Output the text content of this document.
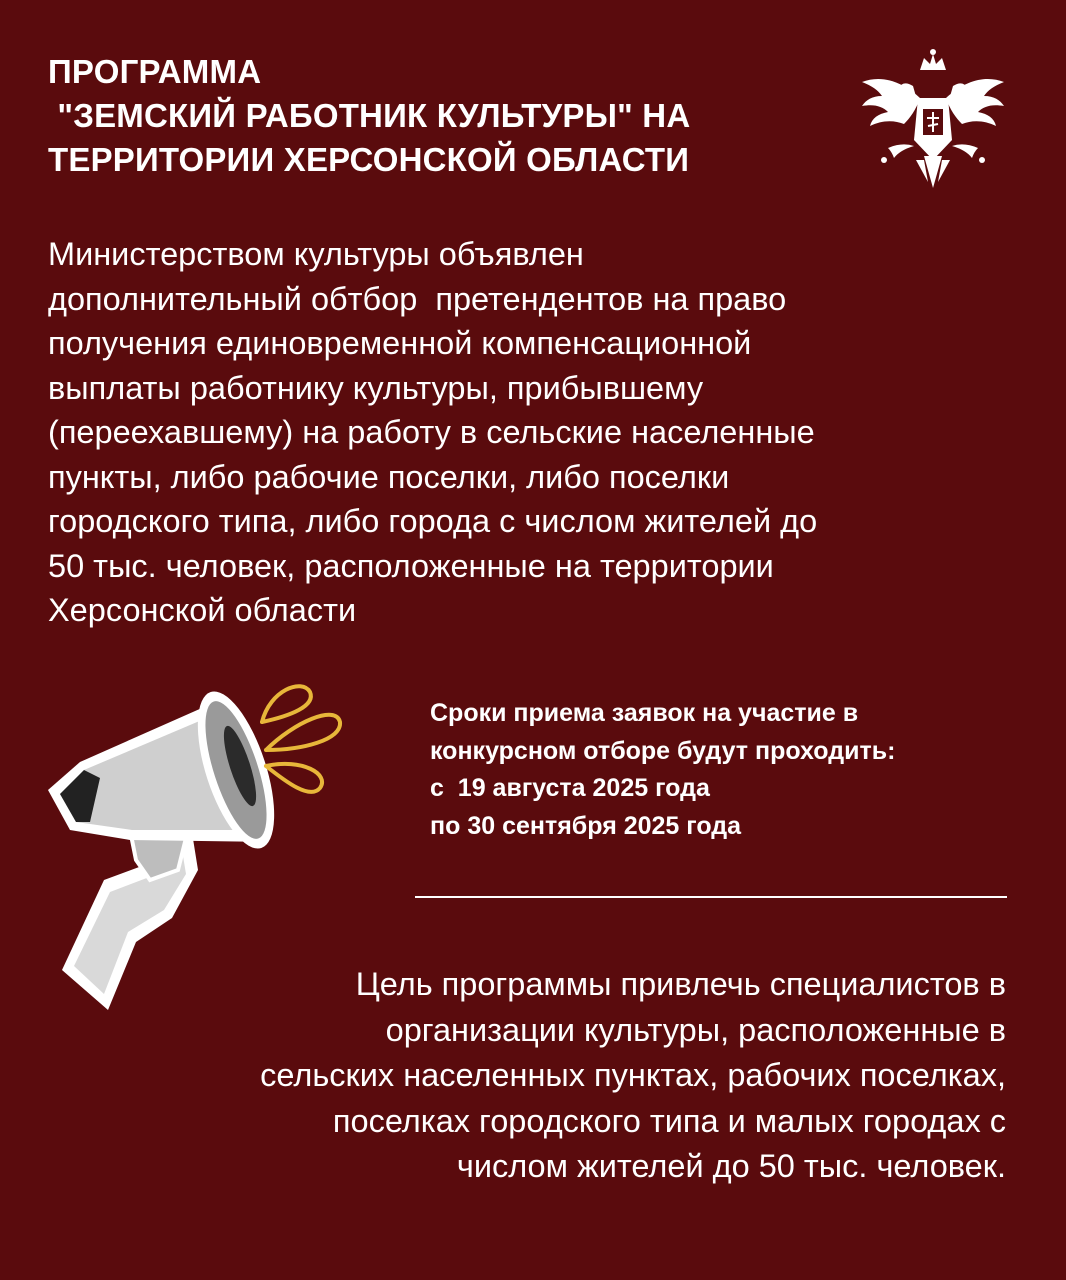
ПРОГРАММА
"ЗЕМСКИЙ РАБОТНИК КУЛЬТУРЫ" НА
ТЕРРИТОРИИ ХЕРСОНСКОЙ ОБЛАСТИ

Министерством культуры объявлен
дополнительный обтбор  претендентов на право
получения единовременной компенсационной
выплаты работнику культуры, прибывшему
(переехавшему) на работу в сельские населенные
пункты, либо рабочие поселки, либо поселки
городского типа, либо города с числом жителей до
50 тыс. человек, расположенные на территории
Херсонской области

Сроки приема заявок на участие в
конкурсном отборе будут проходить:
с  19 августа 2025 года
по 30 сентября 2025 года

Цель программы привлечь специалистов в
организации культуры, расположенные в
сельских населенных пунктах, рабочих поселках,
поселках городского типа и малых городах с
числом жителей до 50 тыс. человек.
